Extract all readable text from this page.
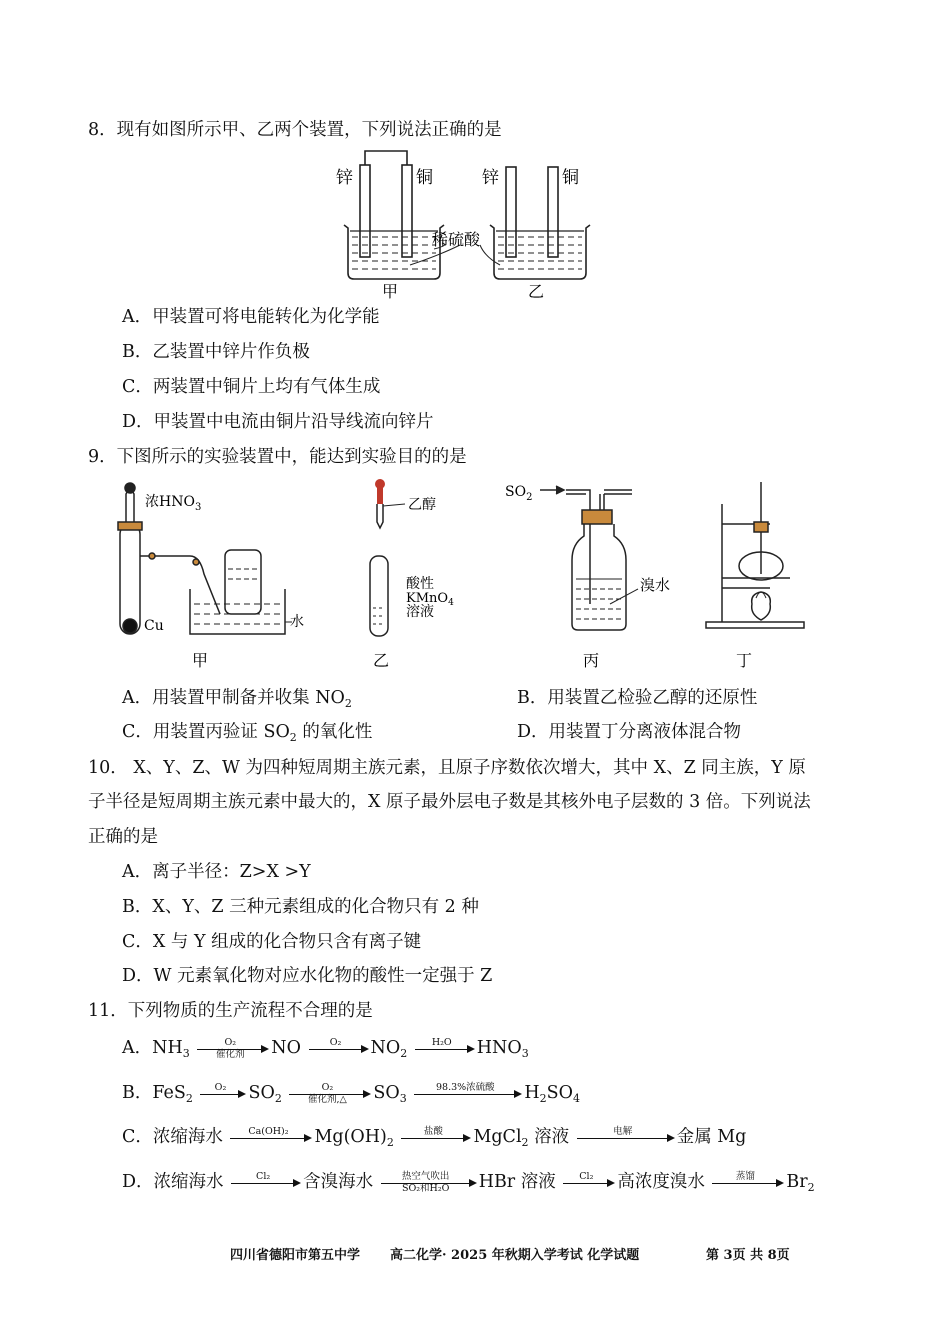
8．现有如图所示甲、乙两个装置，下列说法正确的是
锌	铜	锌	铜
稀硫酸
甲	乙
A．甲装置可将电能转化为化学能
B．乙装置中锌片作负极
C．两装置中铜片上均有气体生成
D．甲装置中电流由铜片沿导线流向锌片
9．下图所示的实验装置中，能达到实验目的的是
浓$HNO_3$
Cu	水
乙醇
酸性
KMnO$_4$
溶液
$SO_2$
溴水
甲	乙	丙	丁
A．用装置甲制备并收集 $NO_2$	B．用装置乙检验乙醇的还原性
C．用装置丙验证 $SO_2$ 的氧化性	D．用装置丁分离液体混合物
10． X、Y、Z、W 为四种短周期主族元素，且原子序数依次增大，其中 X、Z 同主族，Y 原
子半径是短周期主族元素中最大的，X 原子最外层电子数是其核外电子层数的 3 倍。下列说法
正确的是
A．离子半径：Z>X >Y
B．X、Y、Z 三种元素组成的化合物只有 2 种
C．X 与 Y 组成的化合物只含有离子键
D．W 元素氧化物对应水化物的酸性一定强于 Z
11．下列物质的生产流程不合理的是
A．$NH_3$
O₂
催化剂	NO	O₂	$NO_2$
H₂O	$HNO_3$
B．FeS$_2$
O₂	$SO_2$
O₂
催化剂,△	$SO_3$
98.3%浓硫酸	$H_2SO_4$
C．浓缩海水	Ca(OH)₂	$Mg(OH)_2$
盐酸	MgCl$_2$ 溶液	电解	金属 Mg
D．浓缩海水	Cl₂	含溴海水	热空气吹出
SO₂和H₂O	HBr 溶液	Cl₂	高浓度溴水	蒸馏	$Br_2$
四川省德阳市第五中学 高二化学· 2025 年秋期入学考试 化学试题	第 3页 共 8页
